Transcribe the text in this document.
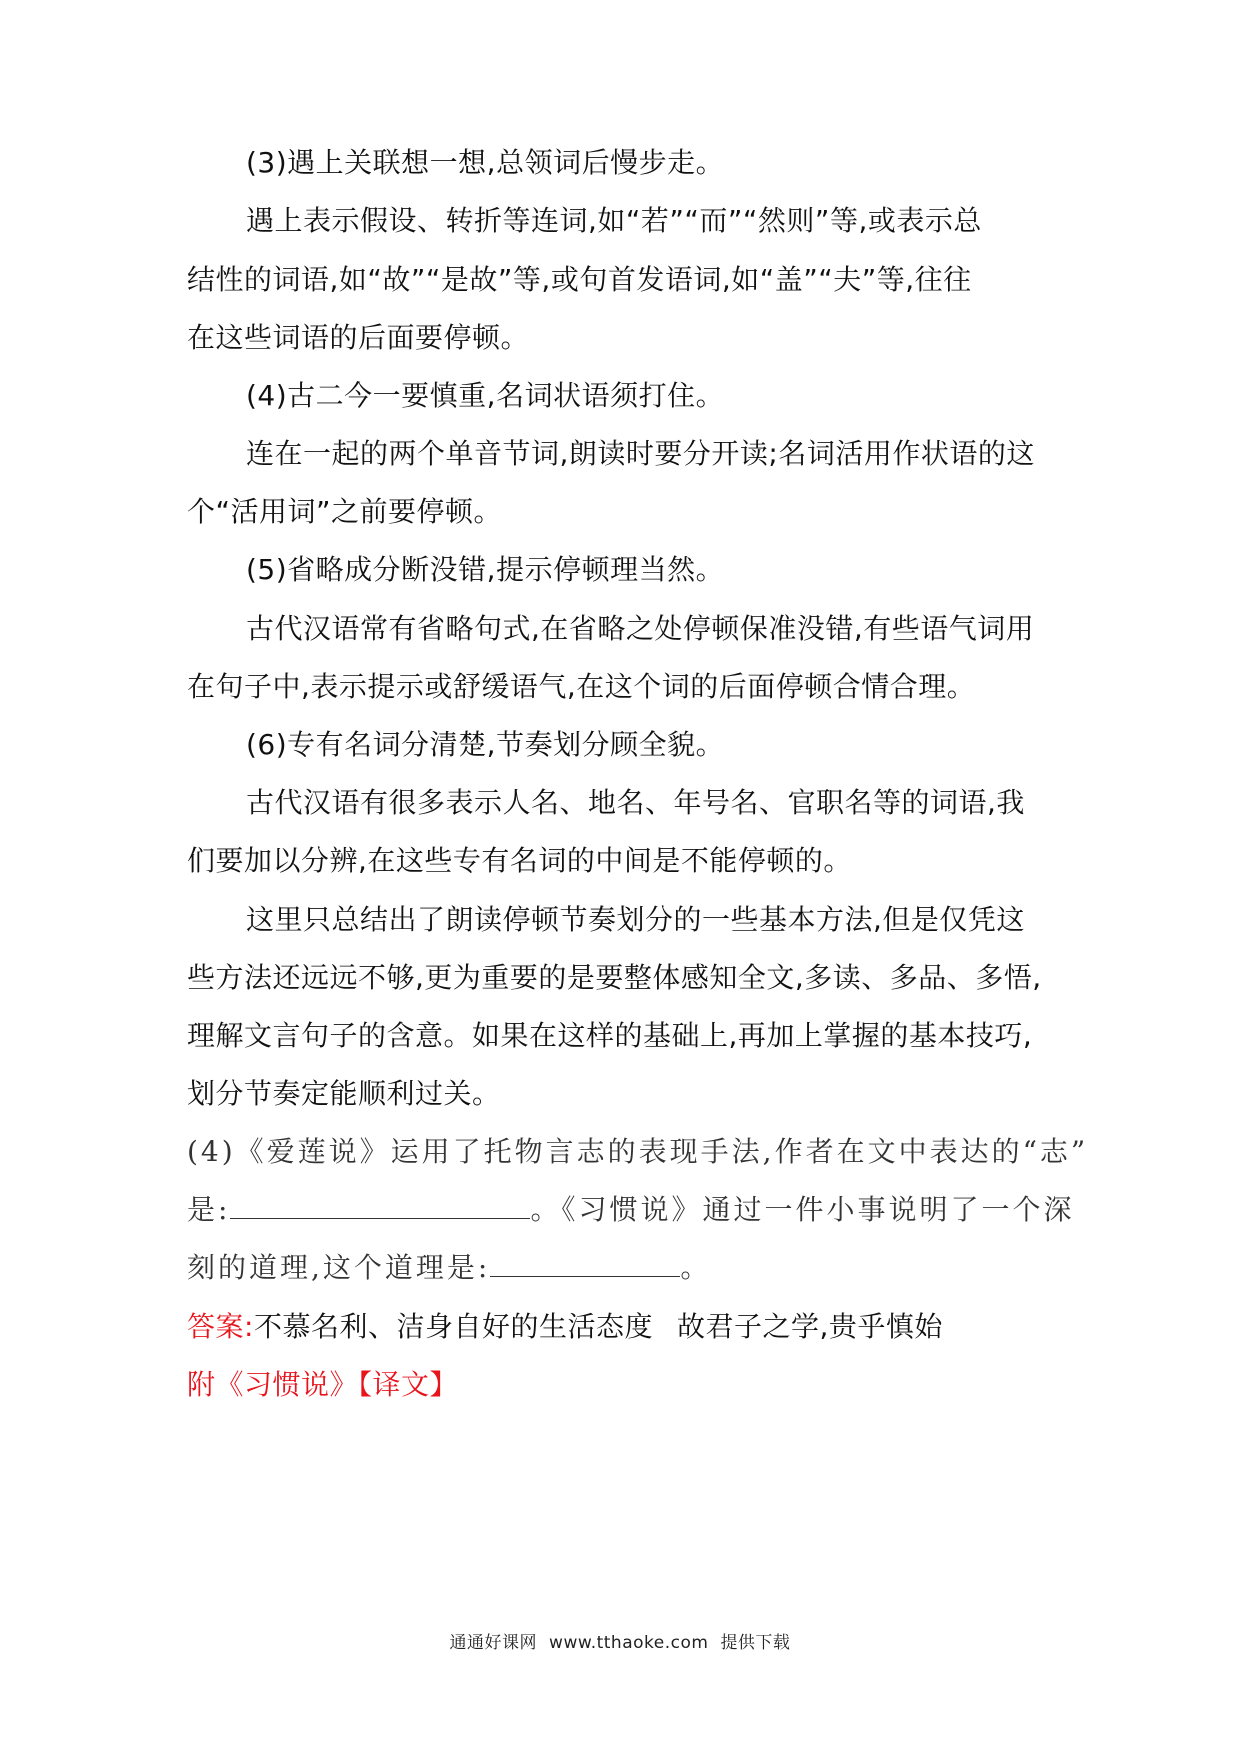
(3)遇上关联想一想,总领词后慢步走。
遇上表示假设、转折等连词,如“若”“而”“然则”等,或表示总
结性的词语,如“故”“是故”等,或句首发语词,如“盖”“夫”等,往往
在这些词语的后面要停顿。
(4)古二今一要慎重,名词状语须打住。
连在一起的两个单音节词,朗读时要分开读;名词活用作状语的这
个“活用词”之前要停顿。
(5)省略成分断没错,提示停顿理当然。
古代汉语常有省略句式,在省略之处停顿保准没错,有些语气词用
在句子中,表示提示或舒缓语气,在这个词的后面停顿合情合理。
(6)专有名词分清楚,节奏划分顾全貌。
古代汉语有很多表示人名、地名、年号名、官职名等的词语,我
们要加以分辨,在这些专有名词的中间是不能停顿的。
这里只总结出了朗读停顿节奏划分的一些基本方法,但是仅凭这
些方法还远远不够,更为重要的是要整体感知全文,多读、多品、多悟,
理解文言句子的含意。如果在这样的基础上,再加上掌握的基本技巧,
划分节奏定能顺利过关。
(4)《爱莲说》运用了托物言志的表现手法,作者在文中表达的“志”
是:	。《习惯说》通过一件小事说明了一个深
刻的道理,这个道理是:	。
答案:不慕名利、洁身自好的生活态度 故君子之学,贵乎慎始
附《习惯说》【译文】
通通好课网 www.tthaoke.com 提供下载
